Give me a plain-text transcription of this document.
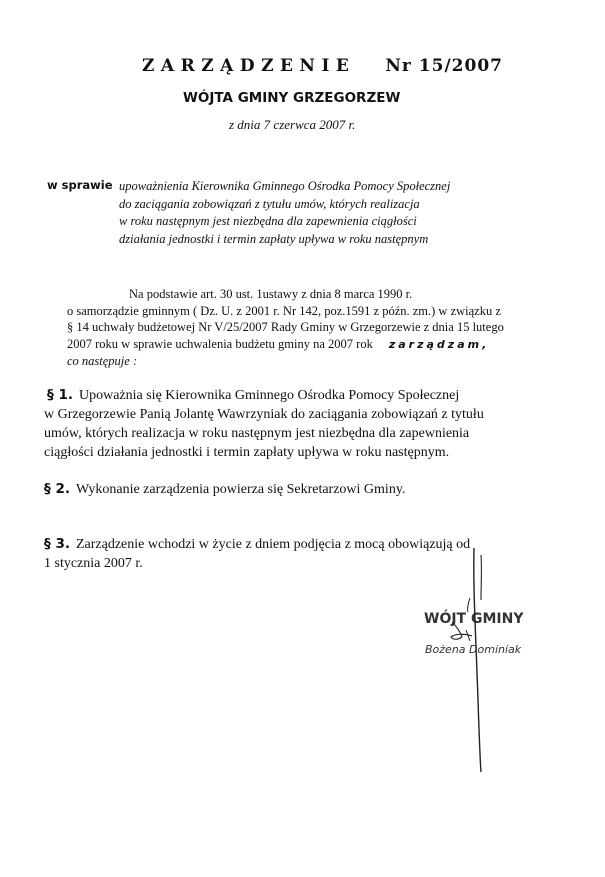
ZARZĄDZENIE Nr 15/2007
WÓJTA GMINY GRZEGORZEW
z dnia 7 czerwca 2007 r.
w sprawie upoważnienia Kierownika Gminnego Ośrodka Pomocy Społecznej
do zaciągania zobowiązań z tytułu umów, których realizacja
w roku następnym jest niezbędna dla zapewnienia ciągłości
działania jednostki i termin zapłaty upływa w roku następnym
Na podstawie art. 30 ust. 1ustawy z dnia 8 marca 1990 r.
o samorządzie gminnym ( Dz. U. z 2001 r. Nr 142, poz.1591 z późn. zm.) w związku z
§ 14 uchwały budżetowej Nr V/25/2007 Rady Gminy w Grzegorzewie z dnia 15 lutego
2007 roku w sprawie uchwalenia budżetu gminy na 2007 rok zarządzam,
co następuje :
§ 1. Upoważnia się Kierownika Gminnego Ośrodka Pomocy Społecznej
w Grzegorzewie Panią Jolantę Wawrzyniak do zaciągania zobowiązań z tytułu
umów, których realizacja w roku następnym jest niezbędna dla zapewnienia
ciągłości działania jednostki i termin zapłaty upływa w roku następnym.
§ 2. Wykonanie zarządzenia powierza się Sekretarzowi Gminy.
§ 3. Zarządzenie wchodzi w życie z dniem podjęcia z mocą obowiązują od
1 stycznia 2007 r.
WÓJT GMINY
Bożena Dominiak
